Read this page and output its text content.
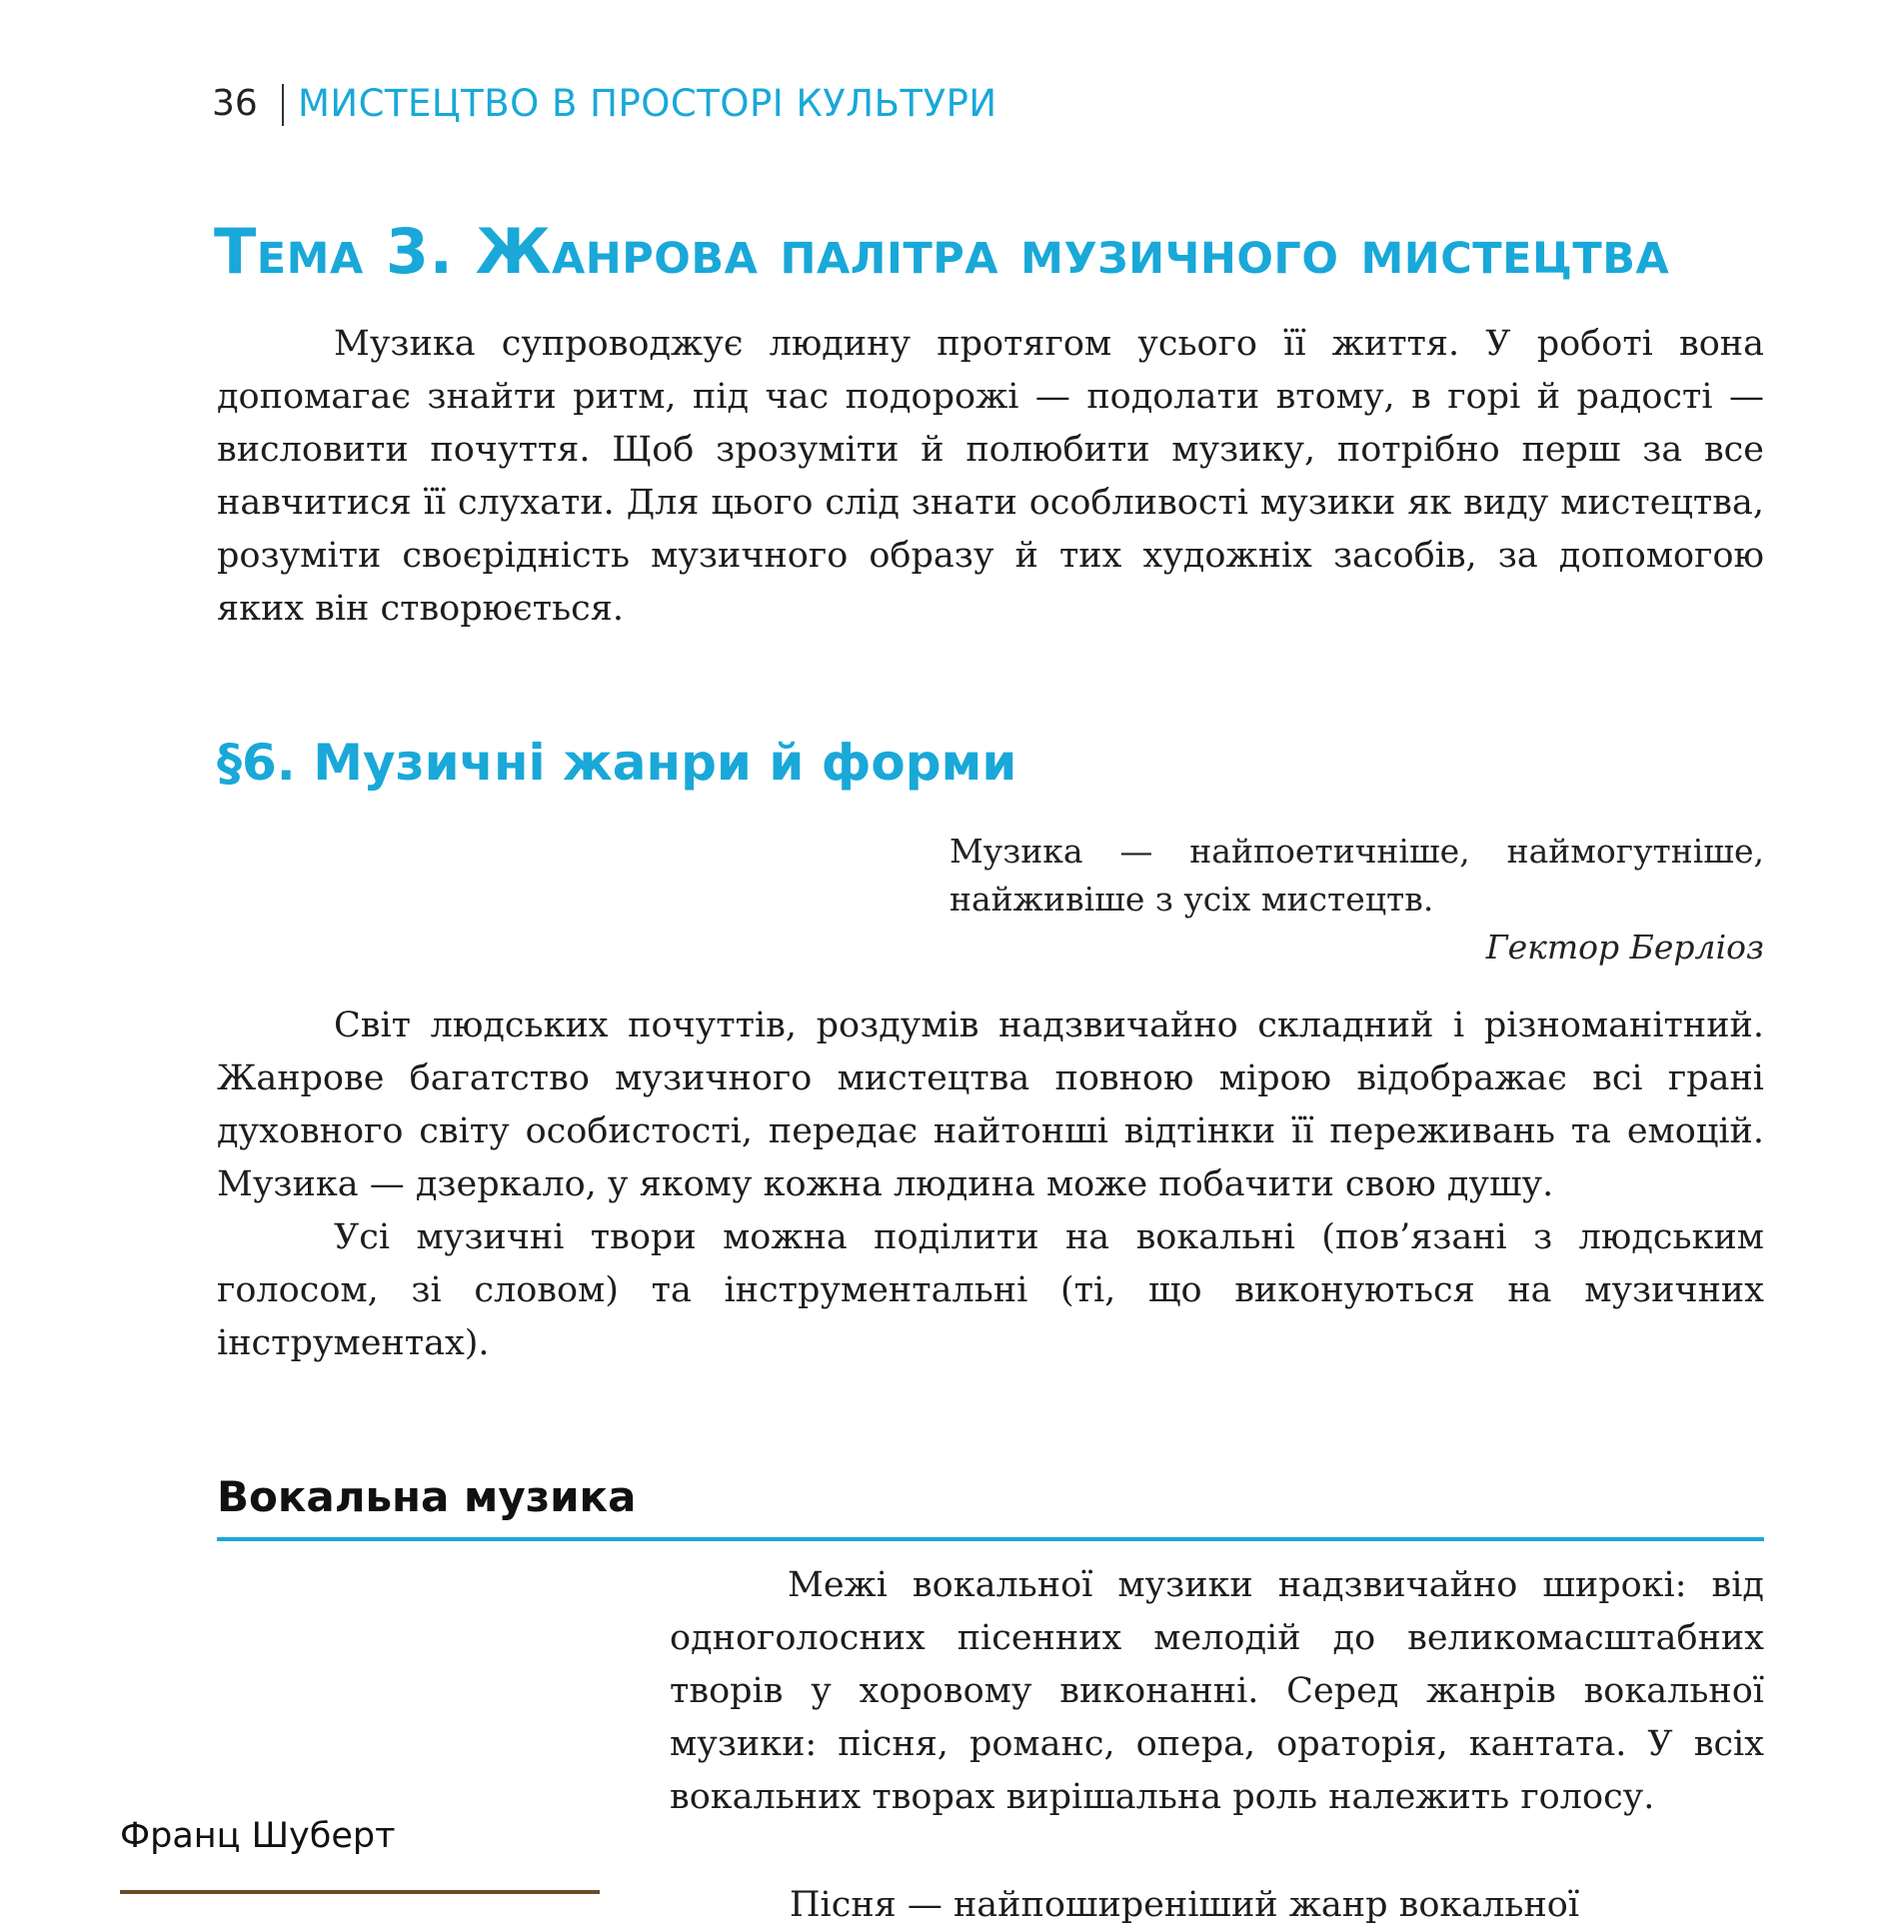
36 МИСТЕЦТВО В ПРОСТОРІ КУЛЬТУРИ
Тема 3. Жанрова палітра музичного мистецтва

Музика супроводжує людину протягом усього її життя. У роботі вона допомагає знайти ритм, під час подорожі — подолати втому, в горі й радості — висловити почуття. Щоб зрозуміти й полюбити музику, потрібно перш за все навчитися її слухати. Для цього слід знати особливості музики як виду мистецтва, розуміти своєрідність музичного образу й тих художніх засобів, за допомогою яких він створюється.

§6. Музичні жанри й форми

Музика — найпоетичніше, наймогутніше, найживіше з усіх мистецтв.

Гектор Берліоз

Світ людських почуттів, роздумів надзвичайно складний і різноманітний. Жанрове багатство музичного мистецтва повною мірою відображає всі грані духовного світу особистості, передає найтонші відтінки її переживань та емоцій. Музика — дзеркало, у якому кожна людина може побачити свою душу.

Усі музичні твори можна поділити на вокальні (пов’язані з людським голосом, зі словом) та інструментальні (ті, що виконуються на музичних інструментах).

Вокальна музика

Межі вокальної музики надзвичайно широкі: від одноголосних пісенних мелодій до великомасштабних творів у хоровому виконанні. Серед жанрів вокальної музики: пісня, романс, опера, ораторія, кантата. У всіх вокальних творах вирішальна роль належить голосу.

Франц Шуберт
Пісня — найпоширеніший жанр вокальної
